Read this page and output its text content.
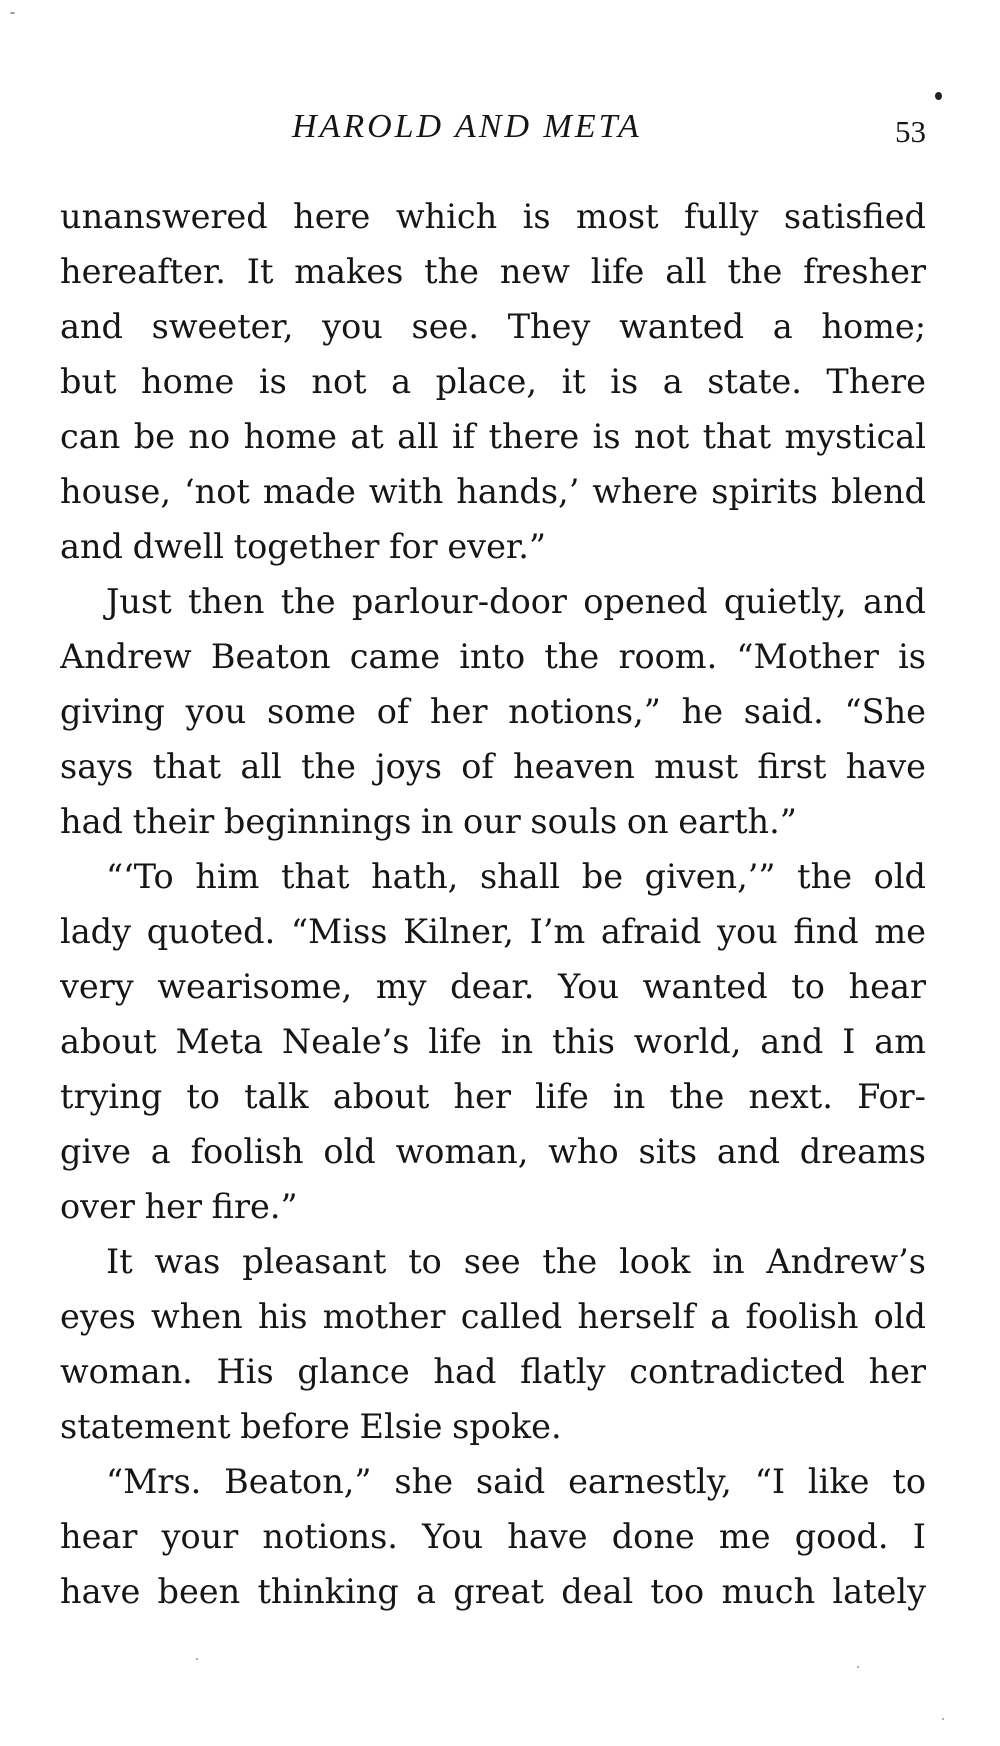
HAROLD AND META	53
unanswered here which is most fully satisfied
hereafter. It makes the new life all the fresher
and sweeter, you see. They wanted a home;
but home is not a place, it is a state. There
can be no home at all if there is not that mystical
house, ‘not made with hands,’ where spirits blend
and dwell together for ever.”
Just then the parlour-door opened quietly, and
Andrew Beaton came into the room. “Mother is
giving you some of her notions,” he said. “She
says that all the joys of heaven must first have
had their beginnings in our souls on earth.”
“‘To him that hath, shall be given,’” the old
lady quoted. “Miss Kilner, I’m afraid you find me
very wearisome, my dear. You wanted to hear
about Meta Neale’s life in this world, and I am
trying to talk about her life in the next. For-
give a foolish old woman, who sits and dreams
over her fire.”
It was pleasant to see the look in Andrew’s
eyes when his mother called herself a foolish old
woman. His glance had flatly contradicted her
statement before Elsie spoke.
“Mrs. Beaton,” she said earnestly, “I like to
hear your notions. You have done me good. I
have been thinking a great deal too much lately
